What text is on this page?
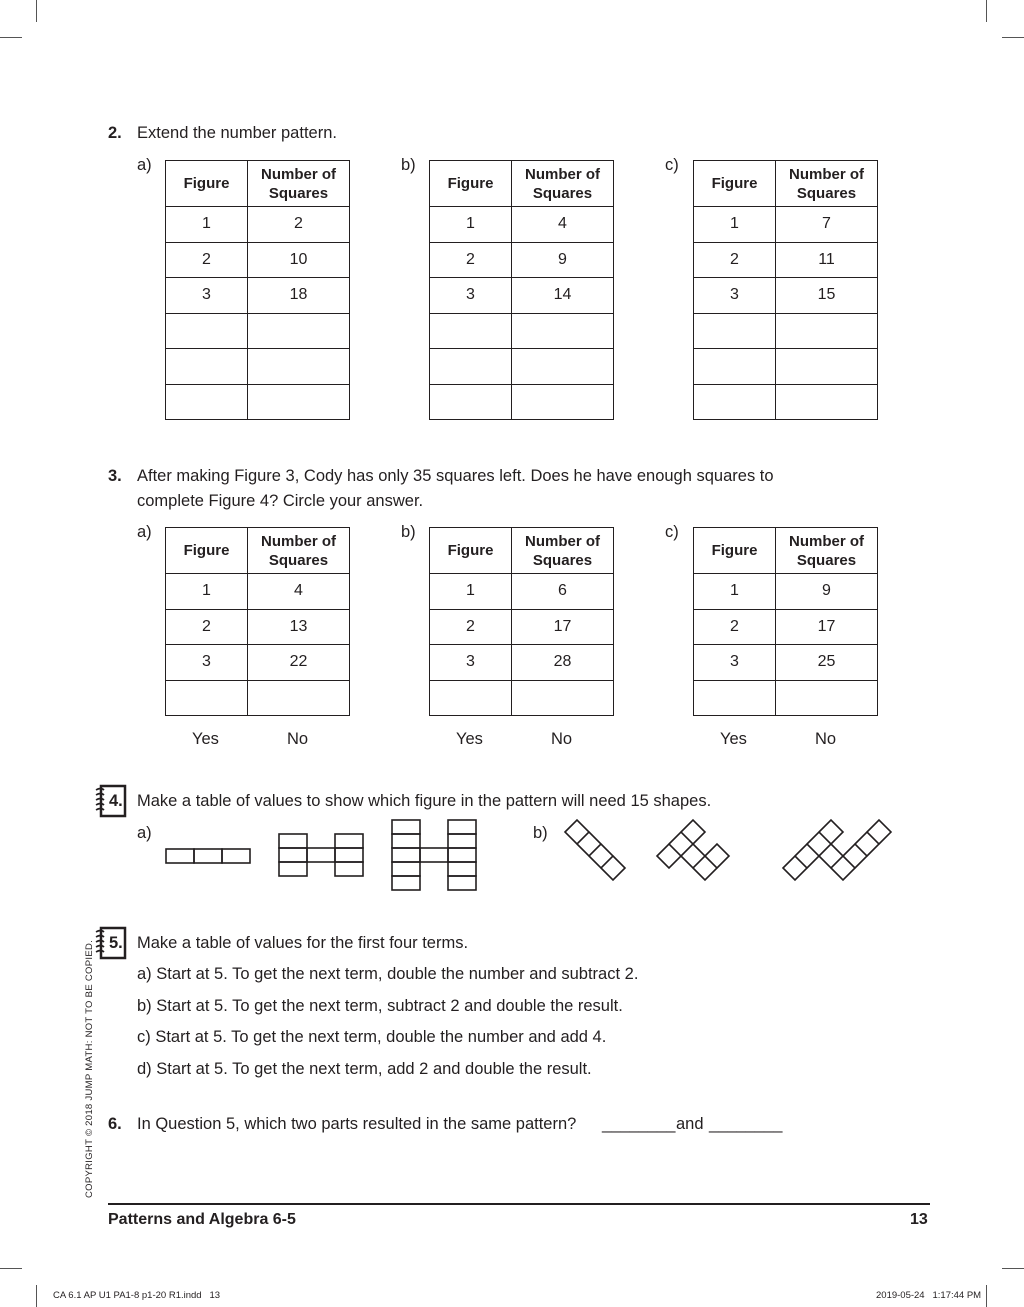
2. Extend the number pattern.
a)
Figure	Number of Squares
1	2
2	10
3	18

b)
Figure	Number of Squares
1	4
2	9
3	14

c)
Figure	Number of Squares
1	7
2	11
3	15

3. After making Figure 3, Cody has only 35 squares left. Does he have enough squares to
complete Figure 4? Circle your answer.
a)
Figure	Number of Squares
1	4
2	13
3	22

Yes	No
b)
Figure	Number of Squares
1	6
2	17
3	28

Yes	No
c)
Figure	Number of Squares
1	9
2	17
3	25

Yes	No
4. Make a table of values to show which figure in the pattern will need 15 shapes.
a)	b)
5. Make a table of values for the first four terms.
a) Start at 5. To get the next term, double the number and subtract 2.
b) Start at 5. To get the next term, subtract 2 and double the result.
c) Start at 5. To get the next term, double the number and add 4.
d) Start at 5. To get the next term, add 2 and double the result.
6. In Question 5, which two parts resulted in the same pattern? ________ and ________
COPYRIGHT © 2018 JUMP MATH: NOT TO BE COPIED.
Patterns and Algebra 6-5	13
CA 6.1 AP U1 PA1-8 p1-20 R1.indd   13	2019-05-24   1:17:44 PM
